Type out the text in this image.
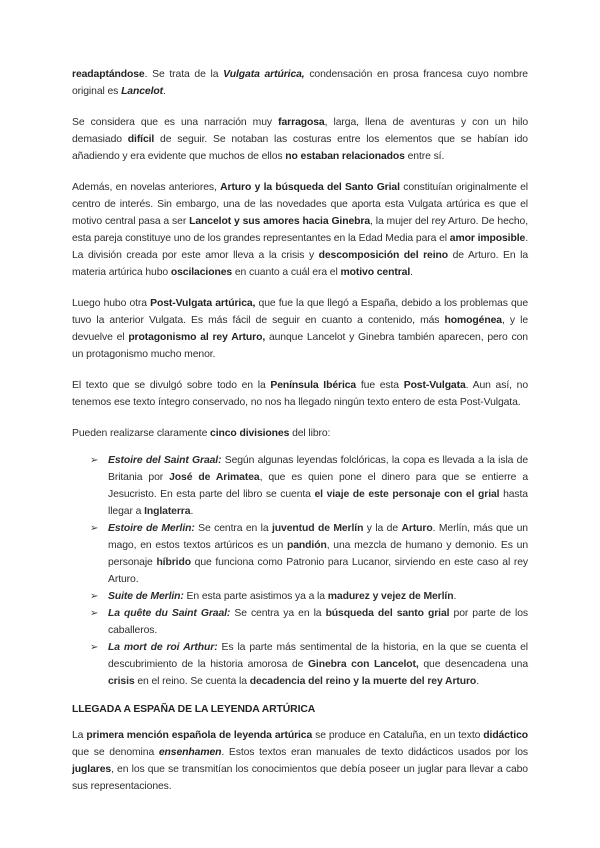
readaptándose. Se trata de la Vulgata artúrica, condensación en prosa francesa cuyo nombre original es Lancelot.

Se considera que es una narración muy farragosa, larga, llena de aventuras y con un hilo demasiado difícil de seguir. Se notaban las costuras entre los elementos que se habían ido añadiendo y era evidente que muchos de ellos no estaban relacionados entre sí.

Además, en novelas anteriores, Arturo y la búsqueda del Santo Grial constituían originalmente el centro de interés. Sin embargo, una de las novedades que aporta esta Vulgata artúrica es que el motivo central pasa a ser Lancelot y sus amores hacia Ginebra, la mujer del rey Arturo. De hecho, esta pareja constituye uno de los grandes representantes en la Edad Media para el amor imposible. La división creada por este amor lleva a la crisis y descomposición del reino de Arturo. En la materia artúrica hubo oscilaciones en cuanto a cuál era el motivo central.

Luego hubo otra Post-Vulgata artúrica, que fue la que llegó a España, debido a los problemas que tuvo la anterior Vulgata. Es más fácil de seguir en cuanto a contenido, más homogénea, y le devuelve el protagonismo al rey Arturo, aunque Lancelot y Ginebra también aparecen, pero con un protagonismo mucho menor.

El texto que se divulgó sobre todo en la Península Ibérica fue esta Post-Vulgata. Aun así, no tenemos ese texto íntegro conservado, no nos ha llegado ningún texto entero de esta Post-Vulgata.

Pueden realizarse claramente cinco divisiones del libro:

➢ Estoire del Saint Graal: Según algunas leyendas folclóricas, la copa es llevada a la isla de Britania por José de Arimatea, que es quien pone el dinero para que se entierre a Jesucristo. En esta parte del libro se cuenta el viaje de este personaje con el grial hasta llegar a Inglaterra.
➢ Estoire de Merlin: Se centra en la juventud de Merlín y la de Arturo. Merlín, más que un mago, en estos textos artúricos es un pandión, una mezcla de humano y demonio. Es un personaje híbrido que funciona como Patronio para Lucanor, sirviendo en este caso al rey Arturo.
➢ Suite de Merlin: En esta parte asistimos ya a la madurez y vejez de Merlín.
➢ La quête du Saint Graal: Se centra ya en la búsqueda del santo grial por parte de los caballeros.
➢ La mort de roi Arthur: Es la parte más sentimental de la historia, en la que se cuenta el descubrimiento de la historia amorosa de Ginebra con Lancelot, que desencadena una crisis en el reino. Se cuenta la decadencia del reino y la muerte del rey Arturo.
LLEGADA A ESPAÑA DE LA LEYENDA ARTÚRICA

La primera mención española de leyenda artúrica se produce en Cataluña, en un texto didáctico que se denomina ensenhamen. Estos textos eran manuales de texto didácticos usados por los juglares, en los que se transmitían los conocimientos que debía poseer un juglar para llevar a cabo sus representaciones.
